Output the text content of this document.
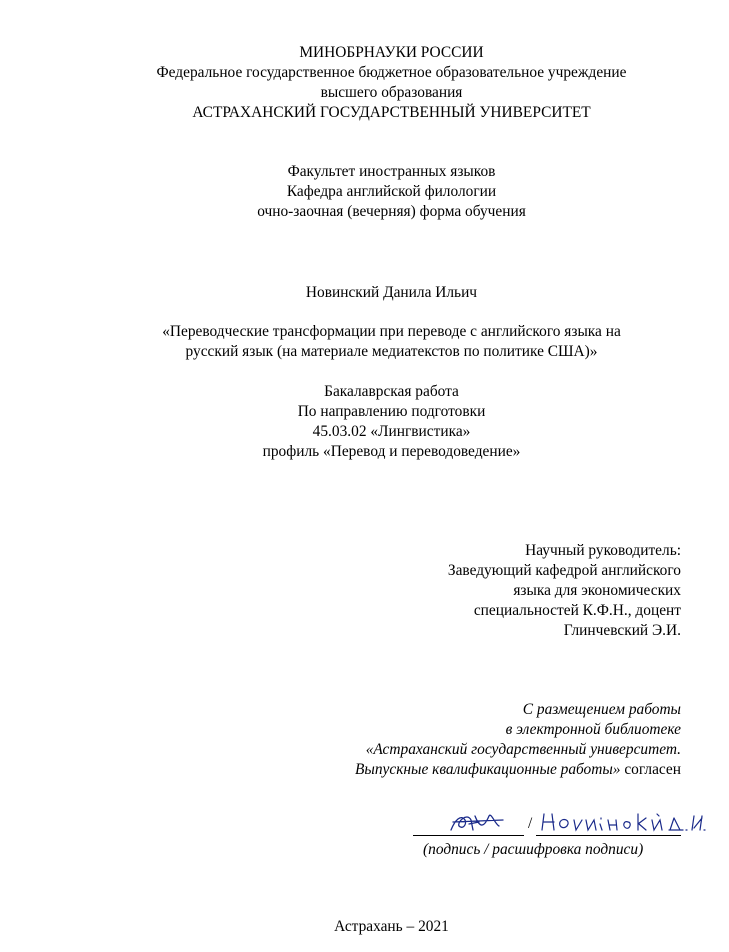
МИНОБРНАУКИ РОССИИ
Федеральное государственное бюджетное образовательное учреждение
высшего образования
АСТРАХАНСКИЙ ГОСУДАРСТВЕННЫЙ УНИВЕРСИТЕТ
Факультет иностранных языков
Кафедра английской филологии
очно-заочная (вечерняя) форма обучения
Новинский Данила Ильич
«Переводческие трансформации при переводе с английского языка на
русский язык (на материале медиатекстов по политике США)»
Бакалаврская работа
По направлению подготовки
45.03.02 «Лингвистика»
профиль «Перевод и переводоведение»
Научный руководитель:
Заведующий кафедрой английского
языка для экономических
специальностей К.Ф.Н., доцент
Глинчевский Э.И.
С размещением работы
в электронной библиотеке
«Астраханский государственный университет.
Выпускные квалификационные работы» согласен
/
(подпись / расшифровка подписи)
Астрахань – 2021
